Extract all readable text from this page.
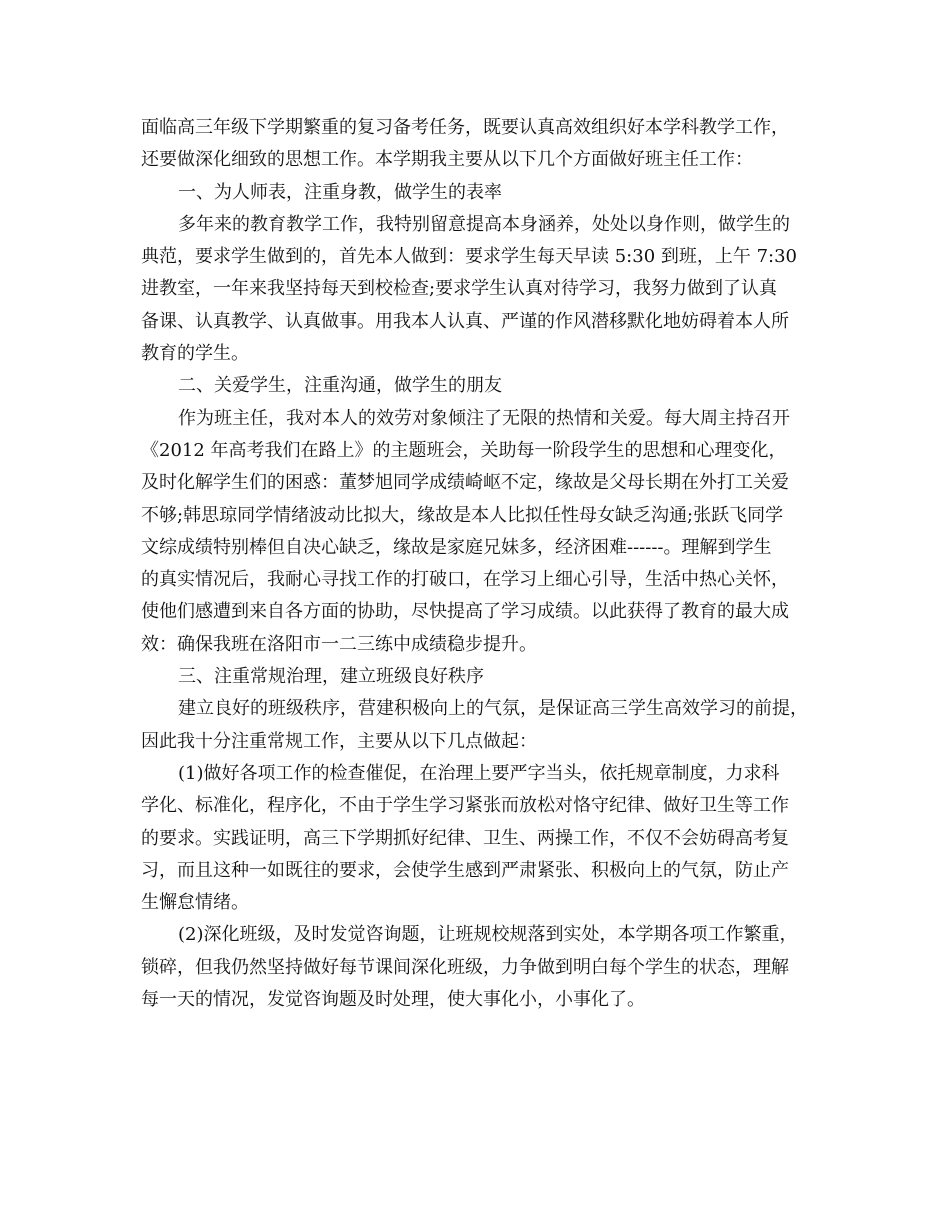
面临高三年级下学期繁重的复习备考任务，既要认真高效组织好本学科教学工作，
还要做深化细致的思想工作。本学期我主要从以下几个方面做好班主任工作：
一、为人师表，注重身教，做学生的表率
多年来的教育教学工作，我特别留意提高本身涵养，处处以身作则，做学生的
典范，要求学生做到的，首先本人做到：要求学生每天早读 5:30 到班，上午 7:30
进教室，一年来我坚持每天到校检查;要求学生认真对待学习，我努力做到了认真
备课、认真教学、认真做事。用我本人认真、严谨的作风潜移默化地妨碍着本人所
教育的学生。
二、关爱学生，注重沟通，做学生的朋友
作为班主任，我对本人的效劳对象倾注了无限的热情和关爱。每大周主持召开
《2012 年高考我们在路上》的主题班会，关助每一阶段学生的思想和心理变化，
及时化解学生们的困惑：董梦旭同学成绩崎岖不定，缘故是父母长期在外打工关爱
不够;韩思琼同学情绪波动比拟大，缘故是本人比拟任性母女缺乏沟通;张跃飞同学
文综成绩特别棒但自决心缺乏，缘故是家庭兄妹多，经济困难------。理解到学生
的真实情况后，我耐心寻找工作的打破口，在学习上细心引导，生活中热心关怀，
使他们感遭到来自各方面的协助，尽快提高了学习成绩。以此获得了教育的最大成
效：确保我班在洛阳市一二三练中成绩稳步提升。
三、注重常规治理，建立班级良好秩序
建立良好的班级秩序，营建积极向上的气氛，是保证高三学生高效学习的前提，
因此我十分注重常规工作，主要从以下几点做起：
(1)做好各项工作的检查催促，在治理上要严字当头，依托规章制度，力求科
学化、标准化，程序化，不由于学生学习紧张而放松对恪守纪律、做好卫生等工作
的要求。实践证明，高三下学期抓好纪律、卫生、两操工作，不仅不会妨碍高考复
习，而且这种一如既往的要求，会使学生感到严肃紧张、积极向上的气氛，防止产
生懈怠情绪。
(2)深化班级，及时发觉咨询题，让班规校规落到实处，本学期各项工作繁重，
锁碎，但我仍然坚持做好每节课间深化班级，力争做到明白每个学生的状态，理解
每一天的情况，发觉咨询题及时处理，使大事化小，小事化了。
